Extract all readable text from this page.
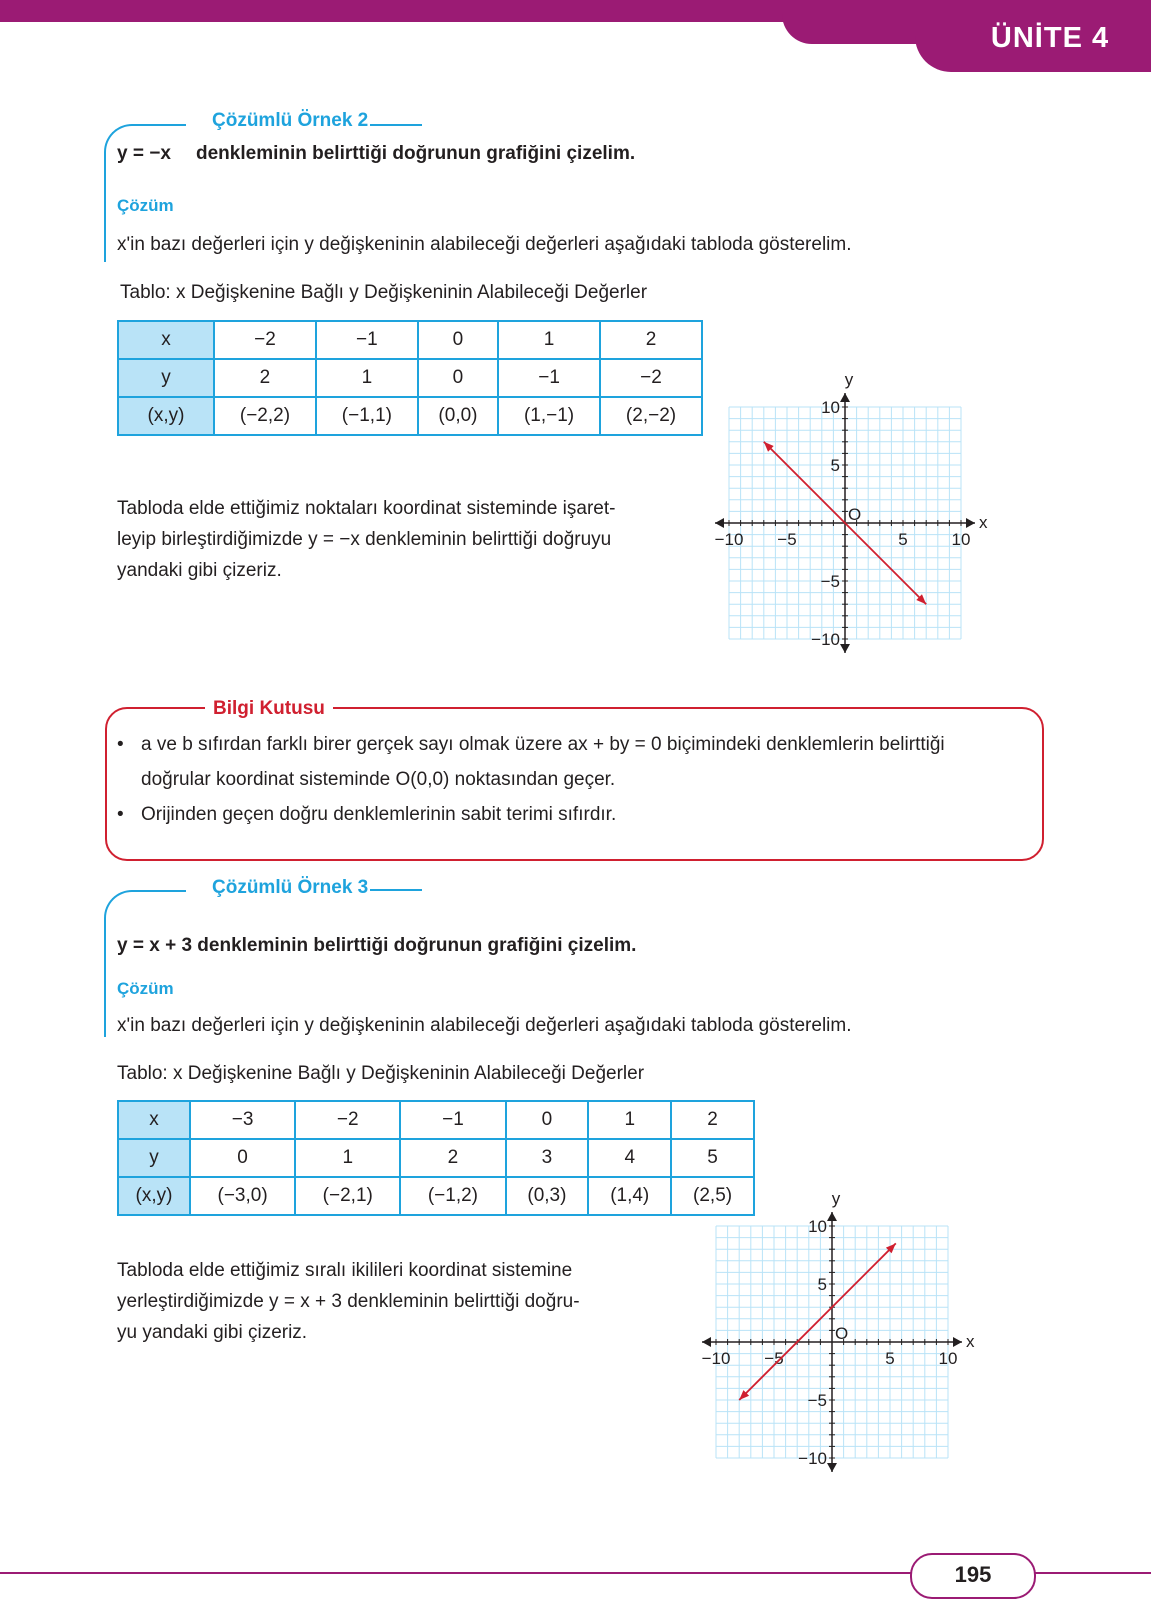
ÜNİTE 4
Çözümlü Örnek 2
y = −x denkleminin belirttiği doğrunun grafiğini çizelim.
Çözüm
x'in bazı değerleri için y değişkeninin alabileceği değerleri aşağıdaki tabloda gösterelim.
Tablo: x Değişkenine Bağlı y Değişkeninin Alabileceği Değerler
x	−2	−1	0	1	2
y	2	1	0	−1	−2
(x,y)	(−2,2)	(−1,1)	(0,0)	(1,−1)	(2,−2)
Tabloda elde ettiğimiz noktaları koordinat sisteminde işaret-
leyip birleştirdiğimizde y = −x denkleminin belirttiği doğruyu
yandaki gibi çizeriz.
−10 −5	5	10
10
5
−5
−10
x
y
O
Bilgi Kutusu
• a ve b sıfırdan farklı birer gerçek sayı olmak üzere ax + by = 0 biçimindeki denklemlerin belirttiği
doğrular koordinat sisteminde O(0,0) noktasından geçer.
• Orijinden geçen doğru denklemlerinin sabit terimi sıfırdır.
Çözümlü Örnek 3
y = x + 3 denkleminin belirttiği doğrunun grafiğini çizelim.
Çözüm
x'in bazı değerleri için y değişkeninin alabileceği değerleri aşağıdaki tabloda gösterelim.
Tablo: x Değişkenine Bağlı y Değişkeninin Alabileceği Değerler
x	−3	−2	−1	0	1	2
y	0	1	2	3	4	5
(x,y)	(−3,0)	(−2,1)	(−1,2)	(0,3)	(1,4)	(2,5)
Tabloda elde ettiğimiz sıralı ikilileri koordinat sistemine
yerleştirdiğimizde y = x + 3 denkleminin belirttiği doğru-
yu yandaki gibi çizeriz.
−10 −5	5	10
10
5
−5
−10
x
y
O
195
